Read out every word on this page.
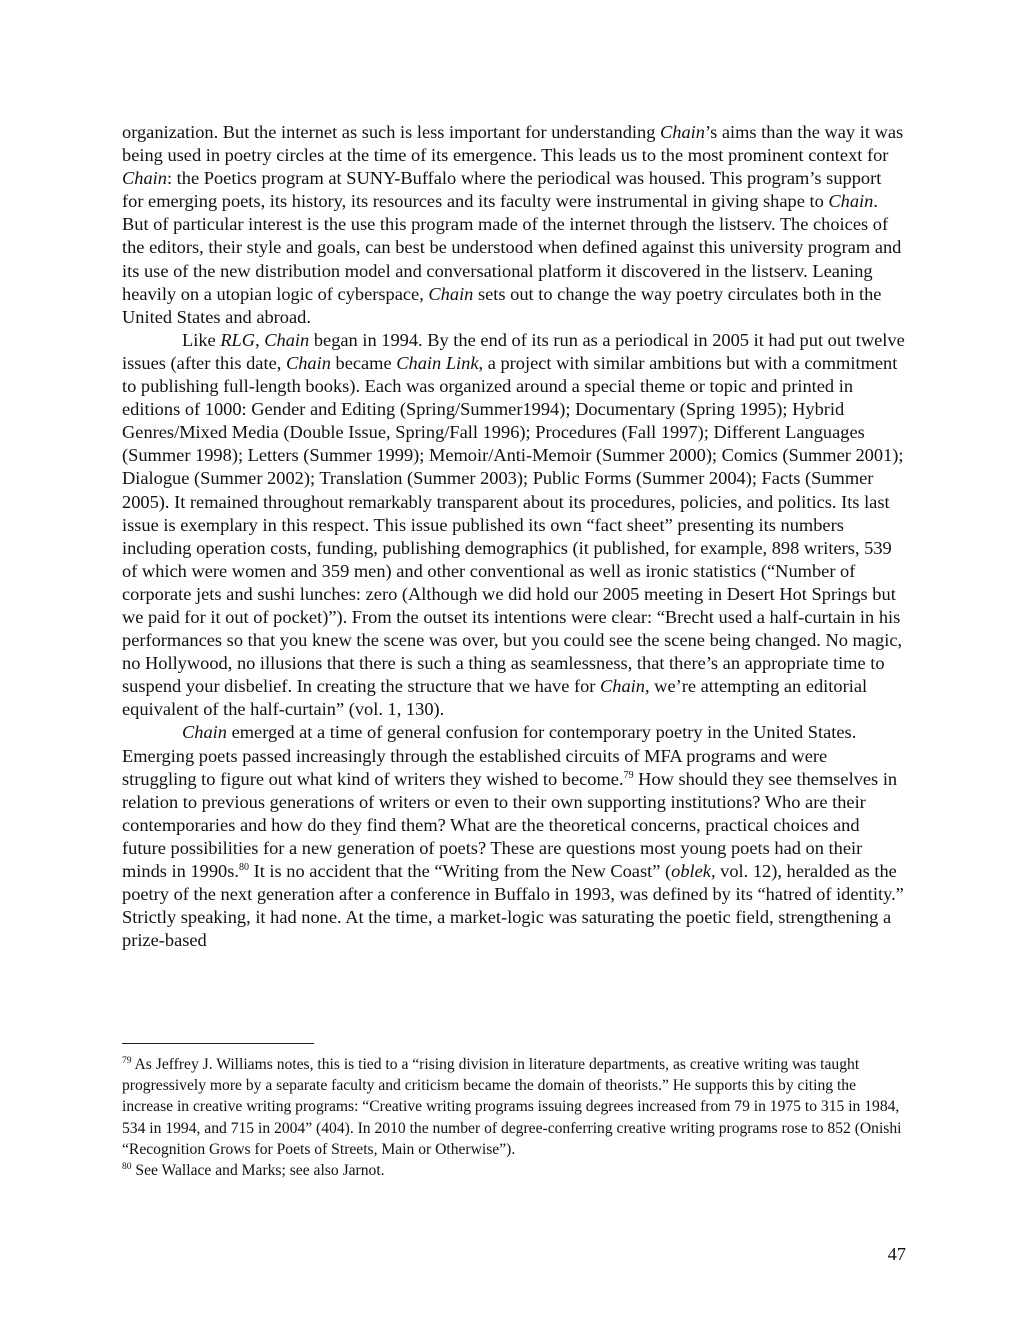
organization. But the internet as such is less important for understanding Chain’s aims than the way it was being used in poetry circles at the time of its emergence. This leads us to the most prominent context for Chain: the Poetics program at SUNY-Buffalo where the periodical was housed. This program’s support for emerging poets, its history, its resources and its faculty were instrumental in giving shape to Chain. But of particular interest is the use this program made of the internet through the listserv. The choices of the editors, their style and goals, can best be understood when defined against this university program and its use of the new distribution model and conversational platform it discovered in the listserv. Leaning heavily on a utopian logic of cyberspace, Chain sets out to change the way poetry circulates both in the United States and abroad.

Like RLG, Chain began in 1994. By the end of its run as a periodical in 2005 it had put out twelve issues (after this date, Chain became Chain Link, a project with similar ambitions but with a commitment to publishing full-length books). Each was organized around a special theme or topic and printed in editions of 1000: Gender and Editing (Spring/Summer1994); Documentary (Spring 1995); Hybrid Genres/Mixed Media (Double Issue, Spring/Fall 1996); Procedures (Fall 1997); Different Languages (Summer 1998); Letters (Summer 1999); Memoir/Anti-Memoir (Summer 2000); Comics (Summer 2001); Dialogue (Summer 2002); Translation (Summer 2003); Public Forms (Summer 2004); Facts (Summer 2005). It remained throughout remarkably transparent about its procedures, policies, and politics. Its last issue is exemplary in this respect. This issue published its own “fact sheet” presenting its numbers including operation costs, funding, publishing demographics (it published, for example, 898 writers, 539 of which were women and 359 men) and other conventional as well as ironic statistics (“Number of corporate jets and sushi lunches: zero (Although we did hold our 2005 meeting in Desert Hot Springs but we paid for it out of pocket)”). From the outset its intentions were clear: “Brecht used a half-curtain in his performances so that you knew the scene was over, but you could see the scene being changed. No magic, no Hollywood, no illusions that there is such a thing as seamlessness, that there’s an appropriate time to suspend your disbelief. In creating the structure that we have for Chain, we’re attempting an editorial equivalent of the half-curtain” (vol. 1, 130).

Chain emerged at a time of general confusion for contemporary poetry in the United States. Emerging poets passed increasingly through the established circuits of MFA programs and were struggling to figure out what kind of writers they wished to become.$^{79}$ How should they see themselves in relation to previous generations of writers or even to their own supporting institutions? Who are their contemporaries and how do they find them? What are the theoretical concerns, practical choices and future possibilities for a new generation of poets? These are questions most young poets had on their minds in 1990s.$^{80}$ It is no accident that the “Writing from the New Coast” (oblek, vol. 12), heralded as the poetry of the next generation after a conference in Buffalo in 1993, was defined by its “hatred of identity.” Strictly speaking, it had none. At the time, a market-logic was saturating the poetic field, strengthening a prize-based

$^{79}$ As Jeffrey J. Williams notes, this is tied to a “rising division in literature departments, as creative writing was taught progressively more by a separate faculty and criticism became the domain of theorists.” He supports this by citing the increase in creative writing programs: “Creative writing programs issuing degrees increased from 79 in 1975 to 315 in 1984, 534 in 1994, and 715 in 2004” (404). In 2010 the number of degree-conferring creative writing programs rose to 852 (Onishi “Recognition Grows for Poets of Streets, Main or Otherwise”).

$^{80}$ See Wallace and Marks; see also Jarnot.

47
